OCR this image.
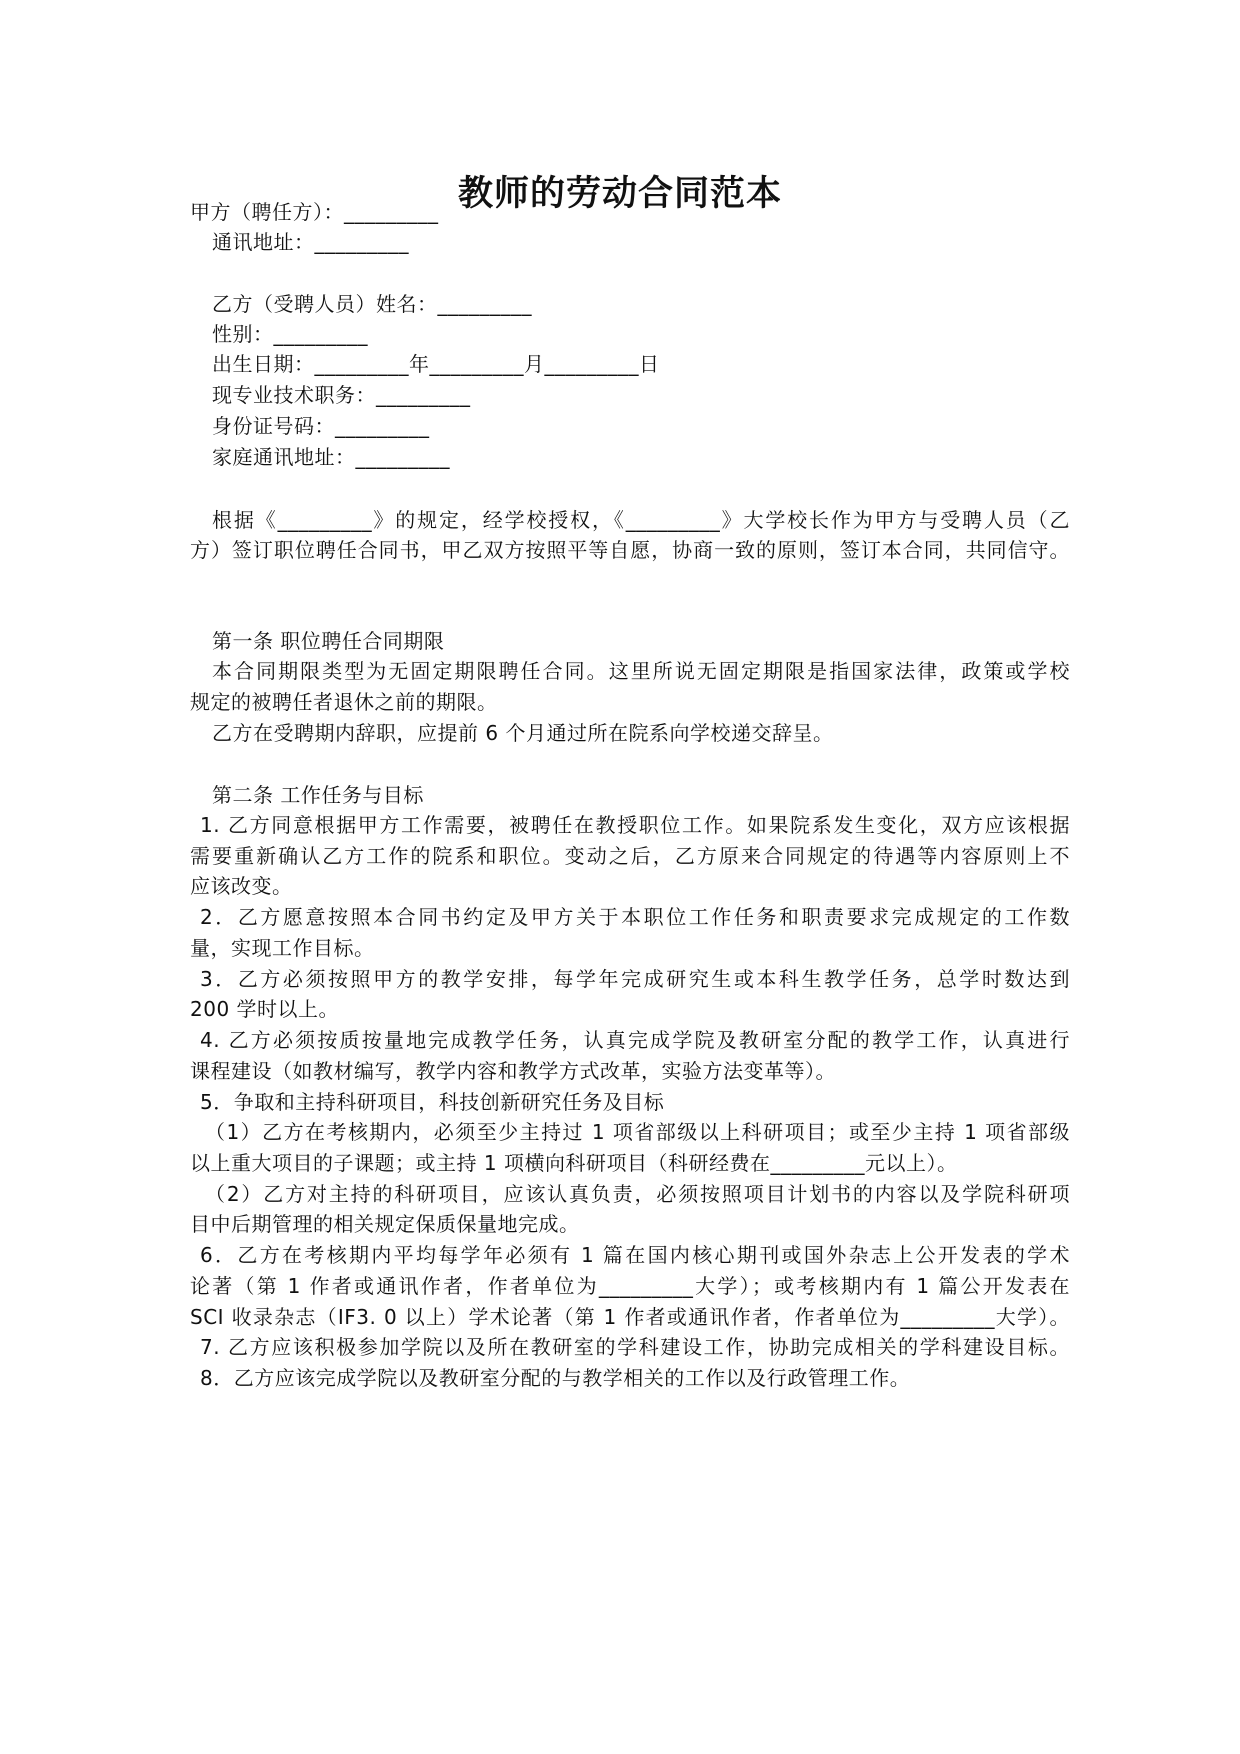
教师的劳动合同范本
甲方（聘任方）：_________
通讯地址：_________
乙方（受聘人员）姓名：_________
性别：_________
出生日期：_________年_________月_________日
现专业技术职务：_________
身份证号码：_________
家庭通讯地址：_________
根据《_________》的规定，经学校授权，《_________》大学校长作为甲方与受聘人员（乙
方）签订职位聘任合同书，甲乙双方按照平等自愿，协商一致的原则，签订本合同，共同信守。
第一条 职位聘任合同期限
本合同期限类型为无固定期限聘任合同。这里所说无固定期限是指国家法律，政策或学校
规定的被聘任者退休之前的期限。
乙方在受聘期内辞职，应提前 6 个月通过所在院系向学校递交辞呈。
第二条 工作任务与目标
1. 乙方同意根据甲方工作需要，被聘任在教授职位工作。如果院系发生变化，双方应该根据
需要重新确认乙方工作的院系和职位。变动之后，乙方原来合同规定的待遇等内容原则上不
应该改变。
2．乙方愿意按照本合同书约定及甲方关于本职位工作任务和职责要求完成规定的工作数
量，实现工作目标。
3．乙方必须按照甲方的教学安排，每学年完成研究生或本科生教学任务，总学时数达到
200 学时以上。
4. 乙方必须按质按量地完成教学任务，认真完成学院及教研室分配的教学工作，认真进行
课程建设（如教材编写，教学内容和教学方式改革，实验方法变革等）。
5．争取和主持科研项目，科技创新研究任务及目标
（1）乙方在考核期内，必须至少主持过 1 项省部级以上科研项目；或至少主持 1 项省部级
以上重大项目的子课题；或主持 1 项横向科研项目（科研经费在_________元以上）。
（2）乙方对主持的科研项目，应该认真负责，必须按照项目计划书的内容以及学院科研项
目中后期管理的相关规定保质保量地完成。
6．乙方在考核期内平均每学年必须有 1 篇在国内核心期刊或国外杂志上公开发表的学术
论著（第 1 作者或通讯作者，作者单位为_________大学）；或考核期内有 1 篇公开发表在
SCI 收录杂志（IF3. 0 以上）学术论著（第 1 作者或通讯作者，作者单位为_________大学）。
7. 乙方应该积极参加学院以及所在教研室的学科建设工作，协助完成相关的学科建设目标。
8．乙方应该完成学院以及教研室分配的与教学相关的工作以及行政管理工作。
